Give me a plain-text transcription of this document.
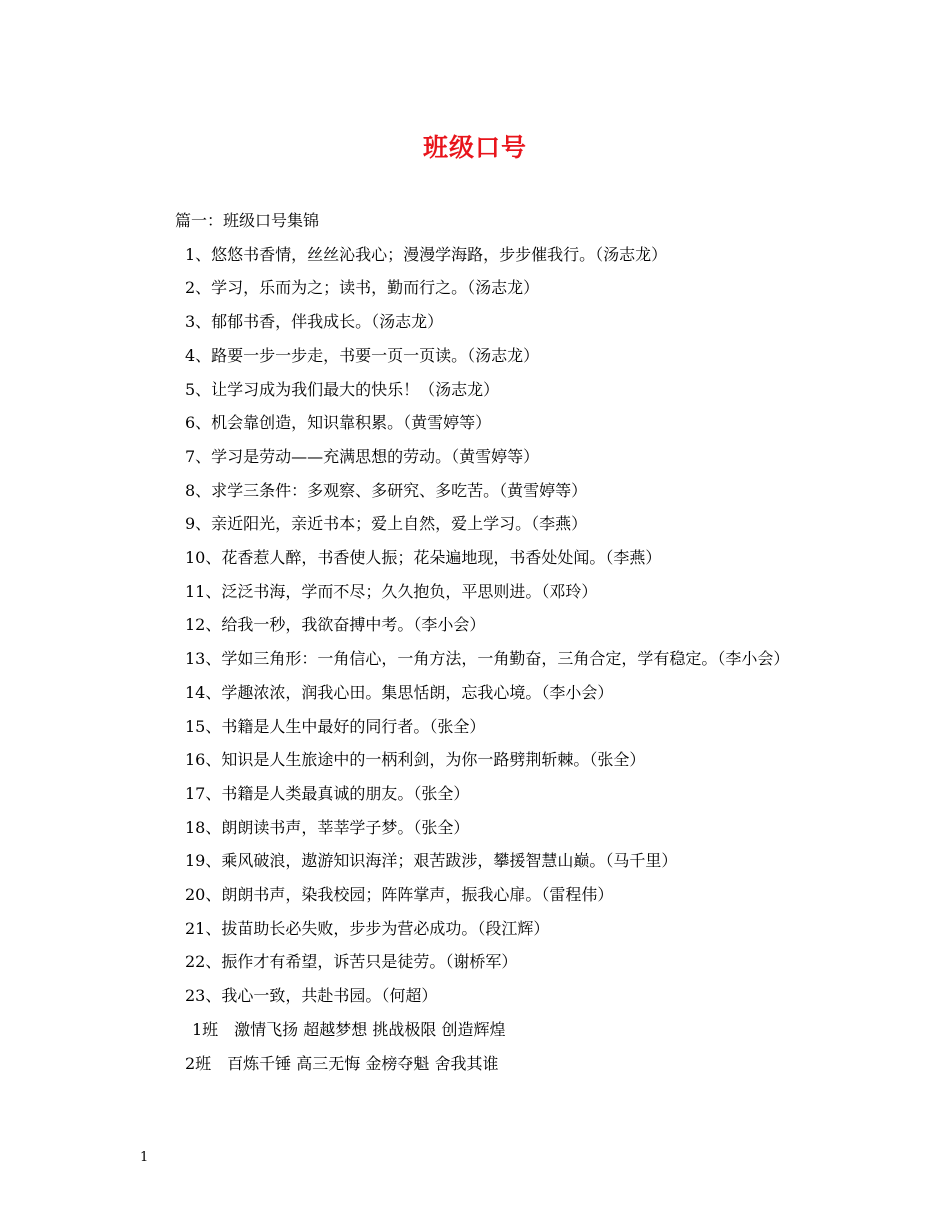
班级口号
篇一：班级口号集锦
1、悠悠书香情，丝丝沁我心；漫漫学海路，步步催我行。（汤志龙）
2、学习，乐而为之；读书，勤而行之。（汤志龙）
3、郁郁书香，伴我成长。（汤志龙）
4、路要一步一步走，书要一页一页读。（汤志龙）
5、让学习成为我们最大的快乐！（汤志龙）
6、机会靠创造，知识靠积累。（黄雪婷等）
7、学习是劳动——充满思想的劳动。（黄雪婷等）
8、求学三条件：多观察、多研究、多吃苦。（黄雪婷等）
9、亲近阳光，亲近书本；爱上自然，爱上学习。（李燕）
10、花香惹人醉，书香使人振；花朵遍地现，书香处处闻。（李燕）
11、泛泛书海，学而不尽；久久抱负，平思则进。（邓玲）
12、给我一秒，我欲奋搏中考。（李小会）
13、学如三角形：一角信心，一角方法，一角勤奋，三角合定，学有稳定。（李小会）
14、学趣浓浓，润我心田。集思恬朗，忘我心境。（李小会）
15、书籍是人生中最好的同行者。（张全）
16、知识是人生旅途中的一柄利剑，为你一路劈荆斩棘。（张全）
17、书籍是人类最真诚的朋友。（张全）
18、朗朗读书声，莘莘学子梦。（张全）
19、乘风破浪，遨游知识海洋；艰苦跋涉，攀援智慧山巅。（马千里）
20、朗朗书声，染我校园；阵阵掌声，振我心扉。（雷程伟）
21、拔苗助长必失败，步步为营必成功。（段江辉）
22、振作才有希望，诉苦只是徒劳。（谢桥军）
23、我心一致，共赴书园。（何超）
1班　激情飞扬 超越梦想 挑战极限 创造辉煌
2班　百炼千锤 高三无悔 金榜夺魁 舍我其谁
1
